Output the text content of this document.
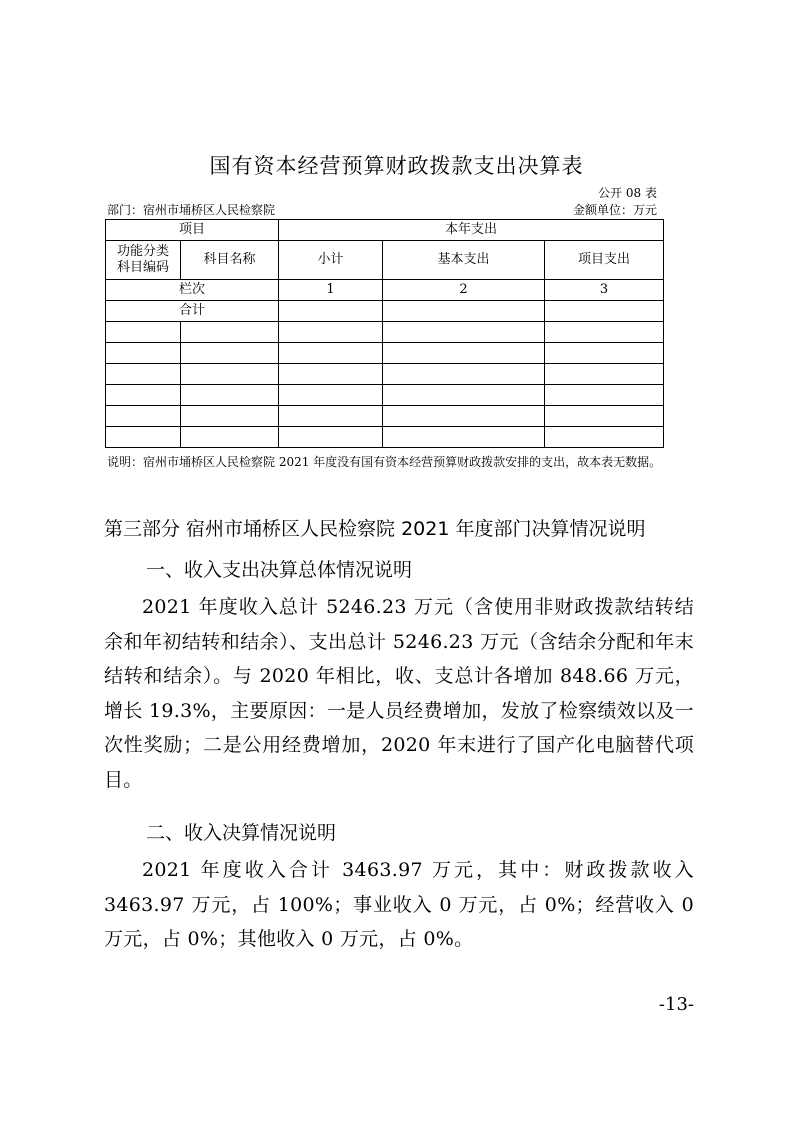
国有资本经营预算财政拨款支出决算表
公开 08 表
部门：宿州市埇桥区人民检察院	金额单位：万元
项目		本年支出		
功能分类
科目编码	科目名称	小计	基本支出	项目支出
栏次		1	2	3
合计				

说明：宿州市埇桥区人民检察院 2021 年度没有国有资本经营预算财政拨款安排的支出，故本表无数据。
第三部分 宿州市埇桥区人民检察院 2021 年度部门决算情况说明
一、收入支出决算总体情况说明
2021 年度收入总计 5246.23 万元（含使用非财政拨款结转结余和年初结转和结余）、支出总计 5246.23 万元（含结余分配和年末结转和结余）。与 2020 年相比，收、支总计各增加 848.66 万元，增长 19.3%，主要原因：一是人员经费增加，发放了检察绩效以及一次性奖励；二是公用经费增加，2020 年末进行了国产化电脑替代项目。
二、收入决算情况说明
2021 年度收入合计 3463.97 万元，其中：财政拨款收入 3463.97 万元，占 100%；事业收入 0 万元，占 0%；经营收入 0 万元，占 0%；其他收入 0 万元，占 0%。
-13-
